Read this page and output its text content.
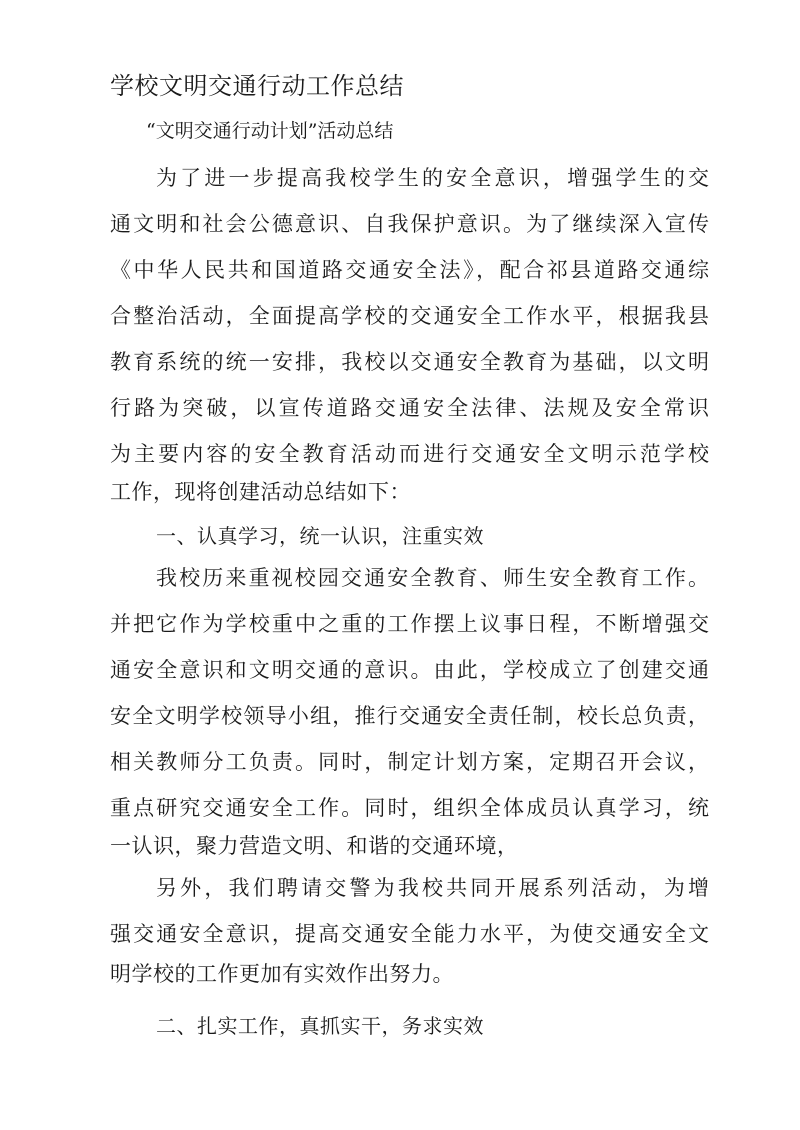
学校文明交通行动工作总结
“文明交通行动计划”活动总结
为了进一步提高我校学生的安全意识，增强学生的交
通文明和社会公德意识、自我保护意识。为了继续深入宣传
《中华人民共和国道路交通安全法》，配合祁县道路交通综
合整治活动，全面提高学校的交通安全工作水平，根据我县
教育系统的统一安排，我校以交通安全教育为基础，以文明
行路为突破，以宣传道路交通安全法律、法规及安全常识
为主要内容的安全教育活动而进行交通安全文明示范学校
工作，现将创建活动总结如下：
一、认真学习，统一认识，注重实效
我校历来重视校园交通安全教育、师生安全教育工作。
并把它作为学校重中之重的工作摆上议事日程，不断增强交
通安全意识和文明交通的意识。由此，学校成立了创建交通
安全文明学校领导小组，推行交通安全责任制，校长总负责，
相关教师分工负责。同时，制定计划方案，定期召开会议，
重点研究交通安全工作。同时，组织全体成员认真学习，统
一认识，聚力营造文明、和谐的交通环境，
另外，我们聘请交警为我校共同开展系列活动，为增
强交通安全意识，提高交通安全能力水平，为使交通安全文
明学校的工作更加有实效作出努力。
二、扎实工作，真抓实干，务求实效
